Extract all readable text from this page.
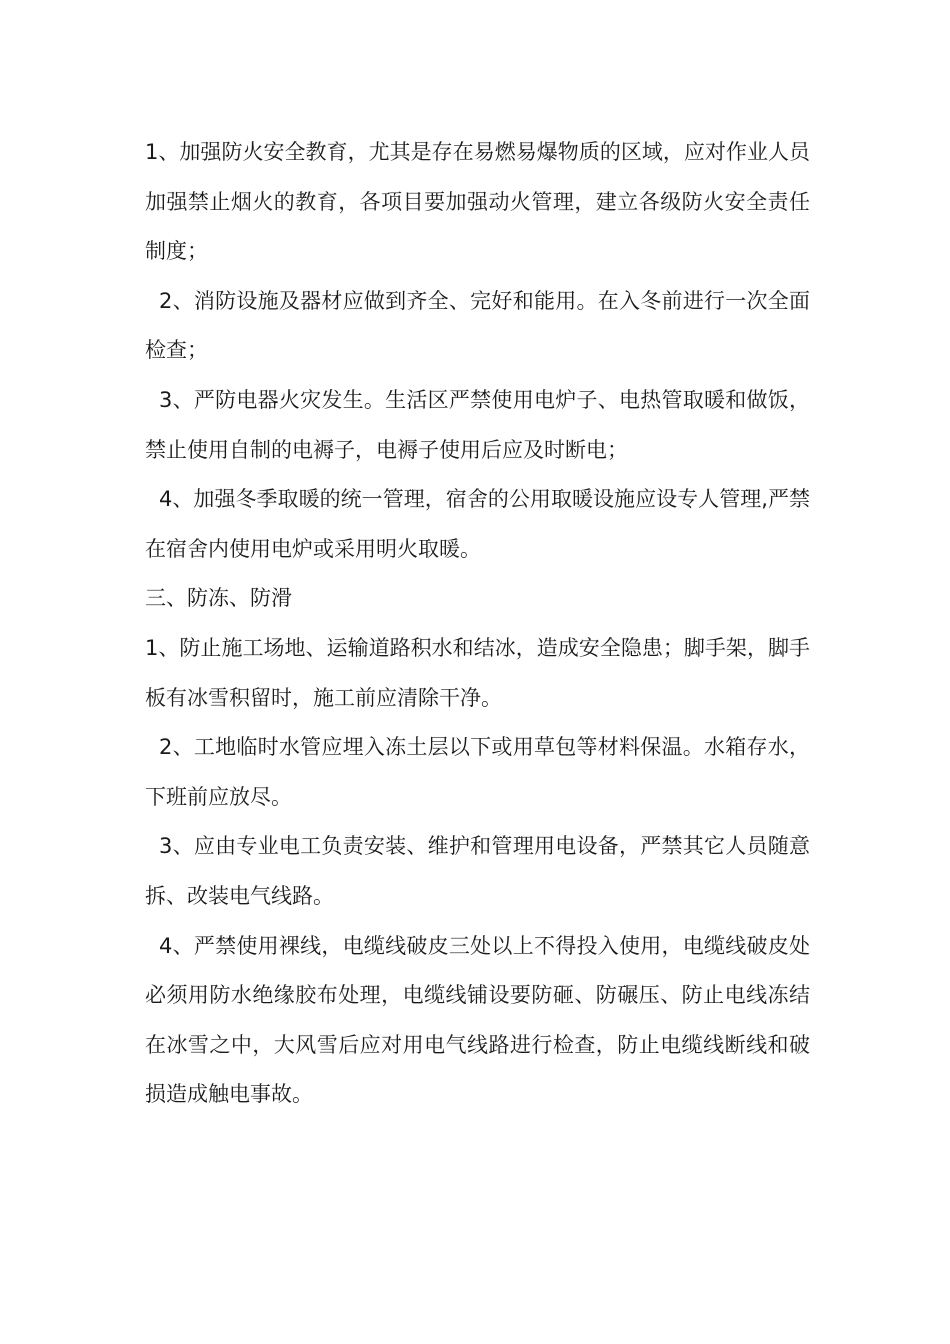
1、加强防火安全教育，尤其是存在易燃易爆物质的区域，应对作业人员加强禁止烟火的教育，各项目要加强动火管理，建立各级防火安全责任制度；

2、消防设施及器材应做到齐全、完好和能用。在入冬前进行一次全面检查；

3、严防电器火灾发生。生活区严禁使用电炉子、电热管取暖和做饭，禁止使用自制的电褥子，电褥子使用后应及时断电；

4、加强冬季取暖的统一管理，宿舍的公用取暖设施应设专人管理,严禁在宿舍内使用电炉或采用明火取暖。

三、防冻、防滑

1、防止施工场地、运输道路积水和结冰，造成安全隐患；脚手架，脚手板有冰雪积留时，施工前应清除干净。

2、工地临时水管应埋入冻土层以下或用草包等材料保温。水箱存水，下班前应放尽。

3、应由专业电工负责安装、维护和管理用电设备，严禁其它人员随意拆、改装电气线路。

4、严禁使用裸线，电缆线破皮三处以上不得投入使用，电缆线破皮处必须用防水绝缘胶布处理，电缆线铺设要防砸、防碾压、防止电线冻结在冰雪之中，大风雪后应对用电气线路进行检查，防止电缆线断线和破损造成触电事故。
